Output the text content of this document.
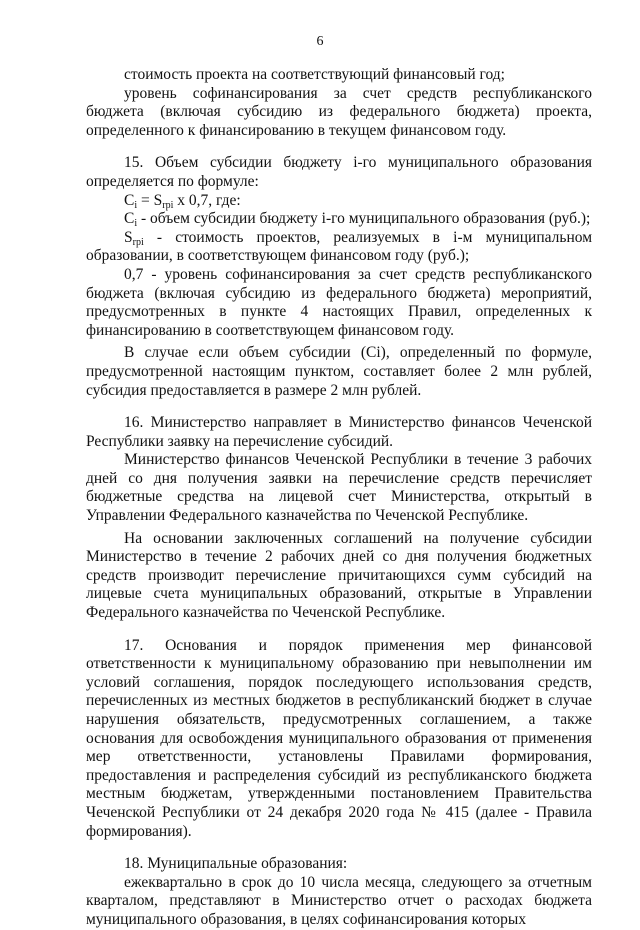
6

стоимость проекта на соответствующий финансовый год;

уровень софинансирования за счет средств республиканского бюджета (включая субсидию из федерального бюджета) проекта, определенного к финансированию в текущем финансовом году.

15. Объем субсидии бюджету i-го муниципального образования определяется по формуле:

$C_i = S_{rpi}$ х 0,7, где:

$C_i$ - объем субсидии бюджету i-го муниципального образования (руб.);

$S_{rpi}$ - стоимость проектов, реализуемых в i-м муниципальном образовании, в соответствующем финансовом году (руб.);

0,7 - уровень софинансирования за счет средств республиканского бюджета (включая субсидию из федерального бюджета) мероприятий, предусмотренных в пункте 4 настоящих Правил, определенных к финансированию в соответствующем финансовом году.

В случае если объем субсидии (Ci), определенный по формуле, предусмотренной настоящим пунктом, составляет более 2 млн рублей, субсидия предоставляется в размере 2 млн рублей.

16. Министерство направляет в Министерство финансов Чеченской Республики заявку на перечисление субсидий.

Министерство финансов Чеченской Республики в течение 3 рабочих дней со дня получения заявки на перечисление средств перечисляет бюджетные средства на лицевой счет Министерства, открытый в Управлении Федерального казначейства по Чеченской Республике.

На основании заключенных соглашений на получение субсидии Министерство в течение 2 рабочих дней со дня получения бюджетных средств производит перечисление причитающихся сумм субсидий на лицевые счета муниципальных образований, открытые в Управлении Федерального казначейства по Чеченской Республике.

17. Основания и порядок применения мер финансовой ответственности к муниципальному образованию при невыполнении им условий соглашения, порядок последующего использования средств, перечисленных из местных бюджетов в республиканский бюджет в случае нарушения обязательств, предусмотренных соглашением, а также основания для освобождения муниципального образования от применения мер ответственности, установлены Правилами формирования, предоставления и распределения субсидий из республиканского бюджета местным бюджетам, утвержденными постановлением Правительства Чеченской Республики от 24 декабря 2020 года № 415 (далее - Правила формирования).

18. Муниципальные образования:

ежеквартально в срок до 10 числа месяца, следующего за отчетным кварталом, представляют в Министерство отчет о расходах бюджета муниципального образования, в целях софинансирования которых
